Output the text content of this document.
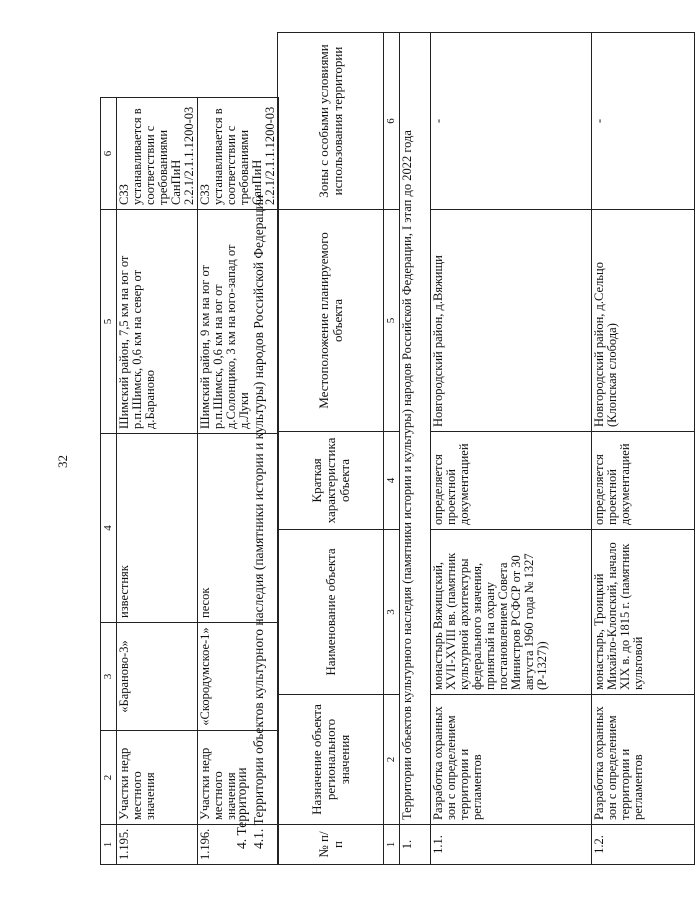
32
1	2	3	4	5	6
1.195.	Участки недр местного значения	«Бараново-3»	известняк	Шимский район, 7,5 км на юг от р.п.Шимск, 0,6 км на север от д.Бараново	СЗЗ устанавливается в соответствии с требованиями СанПиН 2.2.1/2.1.1.1200-03
1.196.	Участки недр местного значения	«Скородумское-1»	песок	Шимский район, 9 км на юг от р.п.Шимск, 0,6 км на юг от д.Солонцико, 3 км на юго-запад от д.Луки	СЗЗ устанавливается в соответствии с требованиями СанПиН 2.2.1/2.1.1.1200-03
4. Территории 4.1. Территории объектов культурного наследия (памятники истории и культуры) народов Российской Федерации	№ п/п	Назначение объекта регионального значения	Наименование объекта	Краткая характеристика объекта	Местоположение планируемого объекта	Зоны с особыми условиями использования территории
1	2	3	4	5	6
1.	Территории объектов культурного наследия (памятники истории и культуры) народов Российской Федерации, I этап до 2022 года				
1.1.	Разработка охранных зон с определением территории и регламентов	монастырь Вяжищский, XVII-XVIII вв. (памятник культурной архитектуры федерального значения, принятый на охрану постановлением Совета Министров РСФСР от 30 августа 1960 года № 1327 (Р-1327))	определяется проектной документацией	Новгородский район, д.Вяжищи	-
1.2.	Разработка охранных зон с определением территории и регламентов	монастырь, Троицкий Михайло-Клопский, начало XIX в. до 1815 г. (памятник культовой	определяется проектной документацией	Новгородский район, д.Сельцо (Клопская слобода)	-
